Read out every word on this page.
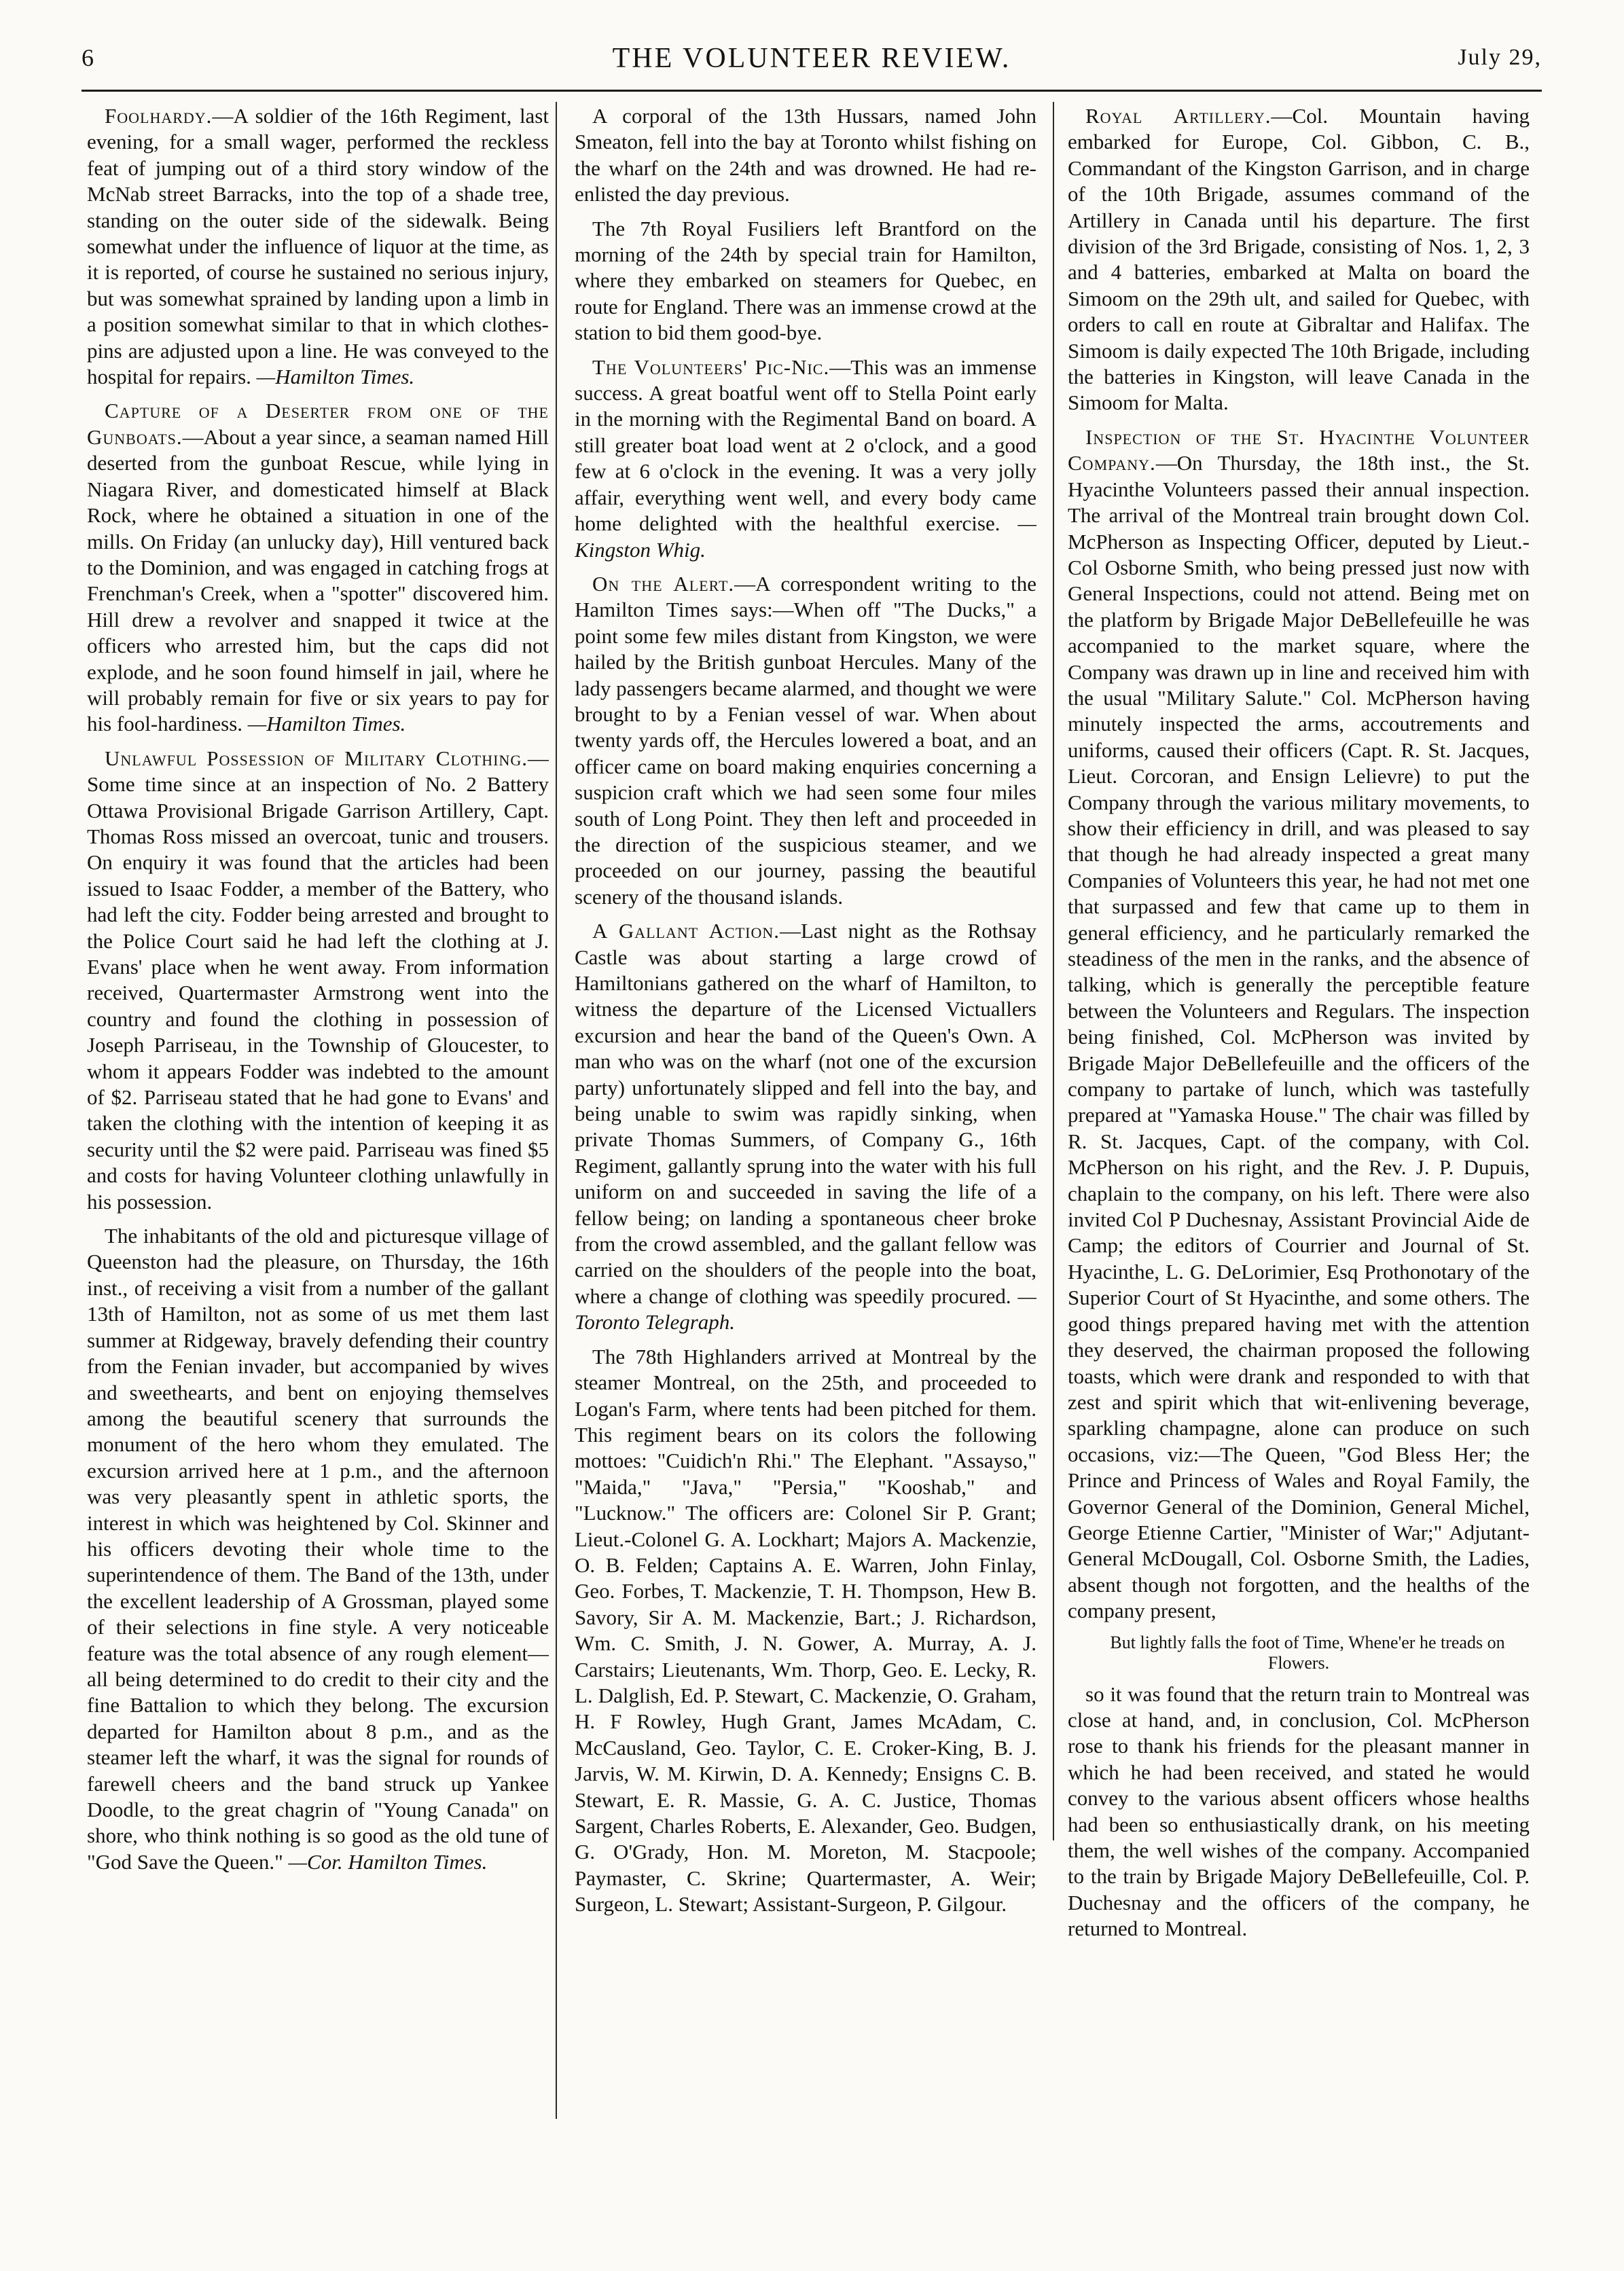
6	THE VOLUNTEER REVIEW.	July 29,

Foolhardy.—A soldier of the 16th Regiment, last evening, for a small wager, performed the reckless feat of jumping out of a third story window of the McNab street Barracks, into the top of a shade tree, standing on the outer side of the sidewalk. Being somewhat under the influence of liquor at the time, as it is reported, of course he sustained no serious injury, but was somewhat sprained by landing upon a limb in a position somewhat similar to that in which clothes-pins are adjusted upon a line. He was conveyed to the hospital for repairs. —Hamilton Times.

Capture of a Deserter from one of the Gunboats.—About a year since, a seaman named Hill deserted from the gunboat Rescue, while lying in Niagara River, and domesticated himself at Black Rock, where he obtained a situation in one of the mills. On Friday (an unlucky day), Hill ventured back to the Dominion, and was engaged in catching frogs at Frenchman's Creek, when a "spotter" discovered him. Hill drew a revolver and snapped it twice at the officers who arrested him, but the caps did not explode, and he soon found himself in jail, where he will probably remain for five or six years to pay for his fool-hardiness. —Hamilton Times.

Unlawful Possession of Military Clothing.—Some time since at an inspection of No. 2 Battery Ottawa Provisional Brigade Garrison Artillery, Capt. Thomas Ross missed an overcoat, tunic and trousers. On enquiry it was found that the articles had been issued to Isaac Fodder, a member of the Battery, who had left the city. Fodder being arrested and brought to the Police Court said he had left the clothing at J. Evans' place when he went away. From information received, Quartermaster Armstrong went into the country and found the clothing in possession of Joseph Parriseau, in the Township of Gloucester, to whom it appears Fodder was indebted to the amount of $2. Parriseau stated that he had gone to Evans' and taken the clothing with the intention of keeping it as security until the $2 were paid. Parriseau was fined $5 and costs for having Volunteer clothing unlawfully in his possession.

The inhabitants of the old and picturesque village of Queenston had the pleasure, on Thursday, the 16th inst., of receiving a visit from a number of the gallant 13th of Hamilton, not as some of us met them last summer at Ridgeway, bravely defending their country from the Fenian invader, but accompanied by wives and sweethearts, and bent on enjoying themselves among the beautiful scenery that surrounds the monument of the hero whom they emulated. The excursion arrived here at 1 p.m., and the afternoon was very pleasantly spent in athletic sports, the interest in which was heightened by Col. Skinner and his officers devoting their whole time to the superintendence of them. The Band of the 13th, under the excellent leadership of A Grossman, played some of their selections in fine style. A very noticeable feature was the total absence of any rough element—all being determined to do credit to their city and the fine Battalion to which they belong. The excursion departed for Hamilton about 8 p.m., and as the steamer left the wharf, it was the signal for rounds of farewell cheers and the band struck up Yankee Doodle, to the great chagrin of "Young Canada" on shore, who think nothing is so good as the old tune of "God Save the Queen." —Cor. Hamilton Times.

A corporal of the 13th Hussars, named John Smeaton, fell into the bay at Toronto whilst fishing on the wharf on the 24th and was drowned. He had re-enlisted the day previous.

The 7th Royal Fusiliers left Brantford on the morning of the 24th by special train for Hamilton, where they embarked on steamers for Quebec, en route for England. There was an immense crowd at the station to bid them good-bye.

The Volunteers' Pic-Nic.—This was an immense success. A great boatful went off to Stella Point early in the morning with the Regimental Band on board. A still greater boat load went at 2 o'clock, and a good few at 6 o'clock in the evening. It was a very jolly affair, everything went well, and every body came home delighted with the healthful exercise. —Kingston Whig.

On the Alert.—A correspondent writing to the Hamilton Times says:—When off "The Ducks," a point some few miles distant from Kingston, we were hailed by the British gunboat Hercules. Many of the lady passengers became alarmed, and thought we were brought to by a Fenian vessel of war. When about twenty yards off, the Hercules lowered a boat, and an officer came on board making enquiries concerning a suspicion craft which we had seen some four miles south of Long Point. They then left and proceeded in the direction of the suspicious steamer, and we proceeded on our journey, passing the beautiful scenery of the thousand islands.

A Gallant Action.—Last night as the Rothsay Castle was about starting a large crowd of Hamiltonians gathered on the wharf of Hamilton, to witness the departure of the Licensed Victuallers excursion and hear the band of the Queen's Own. A man who was on the wharf (not one of the excursion party) unfortunately slipped and fell into the bay, and being unable to swim was rapidly sinking, when private Thomas Summers, of Company G., 16th Regiment, gallantly sprung into the water with his full uniform on and succeeded in saving the life of a fellow being; on landing a spontaneous cheer broke from the crowd assembled, and the gallant fellow was carried on the shoulders of the people into the boat, where a change of clothing was speedily procured. —Toronto Telegraph.

The 78th Highlanders arrived at Montreal by the steamer Montreal, on the 25th, and proceeded to Logan's Farm, where tents had been pitched for them. This regiment bears on its colors the following mottoes: "Cuidich'n Rhi." The Elephant. "Assayso," "Maida," "Java," "Persia," "Kooshab," and "Lucknow." The officers are: Colonel Sir P. Grant; Lieut.-Colonel G. A. Lockhart; Majors A. Mackenzie, O. B. Felden; Captains A. E. Warren, John Finlay, Geo. Forbes, T. Mackenzie, T. H. Thompson, Hew B. Savory, Sir A. M. Mackenzie, Bart.; J. Richardson, Wm. C. Smith, J. N. Gower, A. Murray, A. J. Carstairs; Lieutenants, Wm. Thorp, Geo. E. Lecky, R. L. Dalglish, Ed. P. Stewart, C. Mackenzie, O. Graham, H. F Rowley, Hugh Grant, James McAdam, C. McCausland, Geo. Taylor, C. E. Croker-King, B. J. Jarvis, W. M. Kirwin, D. A. Kennedy; Ensigns C. B. Stewart, E. R. Massie, G. A. C. Justice, Thomas Sargent, Charles Roberts, E. Alexander, Geo. Budgen, G. O'Grady, Hon. M. Moreton, M. Stacpoole; Paymaster, C. Skrine; Quartermaster, A. Weir; Surgeon, L. Stewart; Assistant-Surgeon, P. Gilgour.

Royal Artillery.—Col. Mountain having embarked for Europe, Col. Gibbon, C. B., Commandant of the Kingston Garrison, and in charge of the 10th Brigade, assumes command of the Artillery in Canada until his departure. The first division of the 3rd Brigade, consisting of Nos. 1, 2, 3 and 4 batteries, embarked at Malta on board the Simoom on the 29th ult, and sailed for Quebec, with orders to call en route at Gibraltar and Halifax. The Simoom is daily expected The 10th Brigade, including the batteries in Kingston, will leave Canada in the Simoom for Malta.

Inspection of the St. Hyacinthe Volunteer Company.—On Thursday, the 18th inst., the St. Hyacinthe Volunteers passed their annual inspection. The arrival of the Montreal train brought down Col. McPherson as Inspecting Officer, deputed by Lieut.-Col Osborne Smith, who being pressed just now with General Inspections, could not attend. Being met on the platform by Brigade Major DeBellefeuille he was accompanied to the market square, where the Company was drawn up in line and received him with the usual "Military Salute." Col. McPherson having minutely inspected the arms, accoutrements and uniforms, caused their officers (Capt. R. St. Jacques, Lieut. Corcoran, and Ensign Lelievre) to put the Company through the various military movements, to show their efficiency in drill, and was pleased to say that though he had already inspected a great many Companies of Volunteers this year, he had not met one that surpassed and few that came up to them in general efficiency, and he particularly remarked the steadiness of the men in the ranks, and the absence of talking, which is generally the perceptible feature between the Volunteers and Regulars. The inspection being finished, Col. McPherson was invited by Brigade Major DeBellefeuille and the officers of the company to partake of lunch, which was tastefully prepared at "Yamaska House." The chair was filled by R. St. Jacques, Capt. of the company, with Col. McPherson on his right, and the Rev. J. P. Dupuis, chaplain to the company, on his left. There were also invited Col P Duchesnay, Assistant Provincial Aide de Camp; the editors of Courrier and Journal of St. Hyacinthe, L. G. DeLorimier, Esq Prothonotary of the Superior Court of St Hyacinthe, and some others. The good things prepared having met with the attention they deserved, the chairman proposed the following toasts, which were drank and responded to with that zest and spirit which that wit-enlivening beverage, sparkling champagne, alone can produce on such occasions, viz:—The Queen, "God Bless Her; the Prince and Princess of Wales and Royal Family, the Governor General of the Dominion, General Michel, George Etienne Cartier, "Minister of War;" Adjutant-General McDougall, Col. Osborne Smith, the Ladies, absent though not forgotten, and the healths of the company present,

But lightly falls the foot of Time, Whene'er he treads on Flowers.

so it was found that the return train to Montreal was close at hand, and, in conclusion, Col. McPherson rose to thank his friends for the pleasant manner in which he had been received, and stated he would convey to the various absent officers whose healths had been so enthusiastically drank, on his meeting them, the well wishes of the company. Accompanied to the train by Brigade Majory DeBellefeuille, Col. P. Duchesnay and the officers of the company, he returned to Montreal.
